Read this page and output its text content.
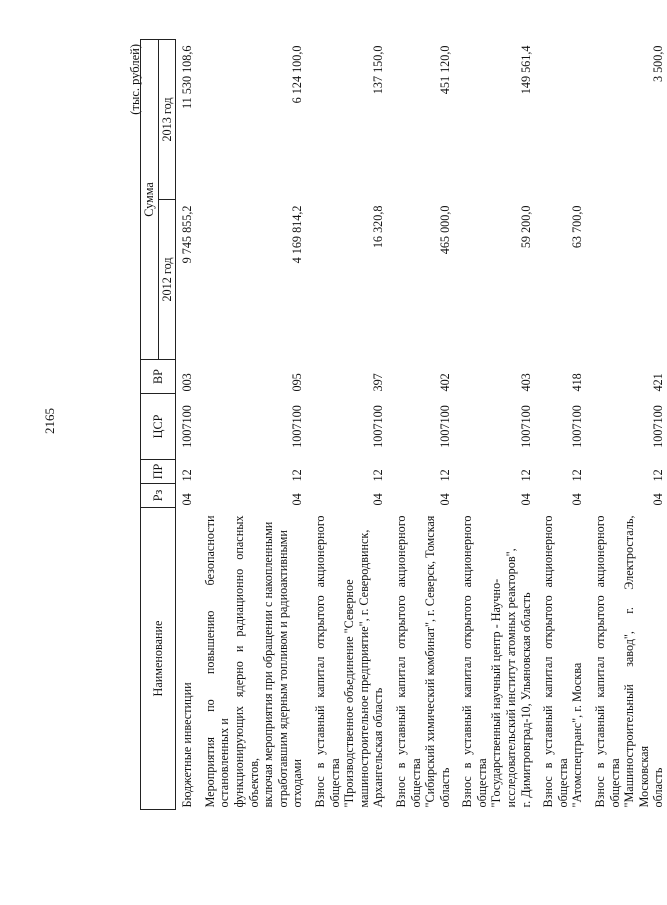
2165
(тыс. рублей)
Наименование	Рз	ПР	ЦСР	ВР	Сумма	
					2012 год	2013 год

Бюджетные инвестиции	04	12	1007100	003	9 745 855,2	11 530 108,6

Мероприятия по повышению безопасности остановленных и функционирующих ядерно и радиационно опасных объектов, включая мероприятия при обращении с накопленными отработавшим ядерным топливом и радиоактивными отходами	04	12	1007100	095	4 169 814,2	6 124 100,0

Взнос в уставный капитал открытого акционерного общества "Производственное объединение "Северное машиностроительное предприятие", г. Северодвинск, Архангельская область	04	12	1007100	397	16 320,8	137 150,0

Взнос в уставный капитал открытого акционерного общества "Сибирский химический комбинат", г. Северск, Томская область	04	12	1007100	402	465 000,0	451 120,0

Взнос в уставный капитал открытого акционерного общества "Государственный научный центр - Научно- исследовательский институт атомных реакторов", г. Димитровград-10, Ульяновская область	04	12	1007100	403	59 200,0	149 561,4

Взнос в уставный капитал открытого акционерного общества "Атомспецтранс", г. Москва	04	12	1007100	418	63 700,0	

Взнос в уставный капитал открытого акционерного общества "Машиностроительный завод", г. Электросталь, Московская область	04	12	1007100	421		3 500,0
